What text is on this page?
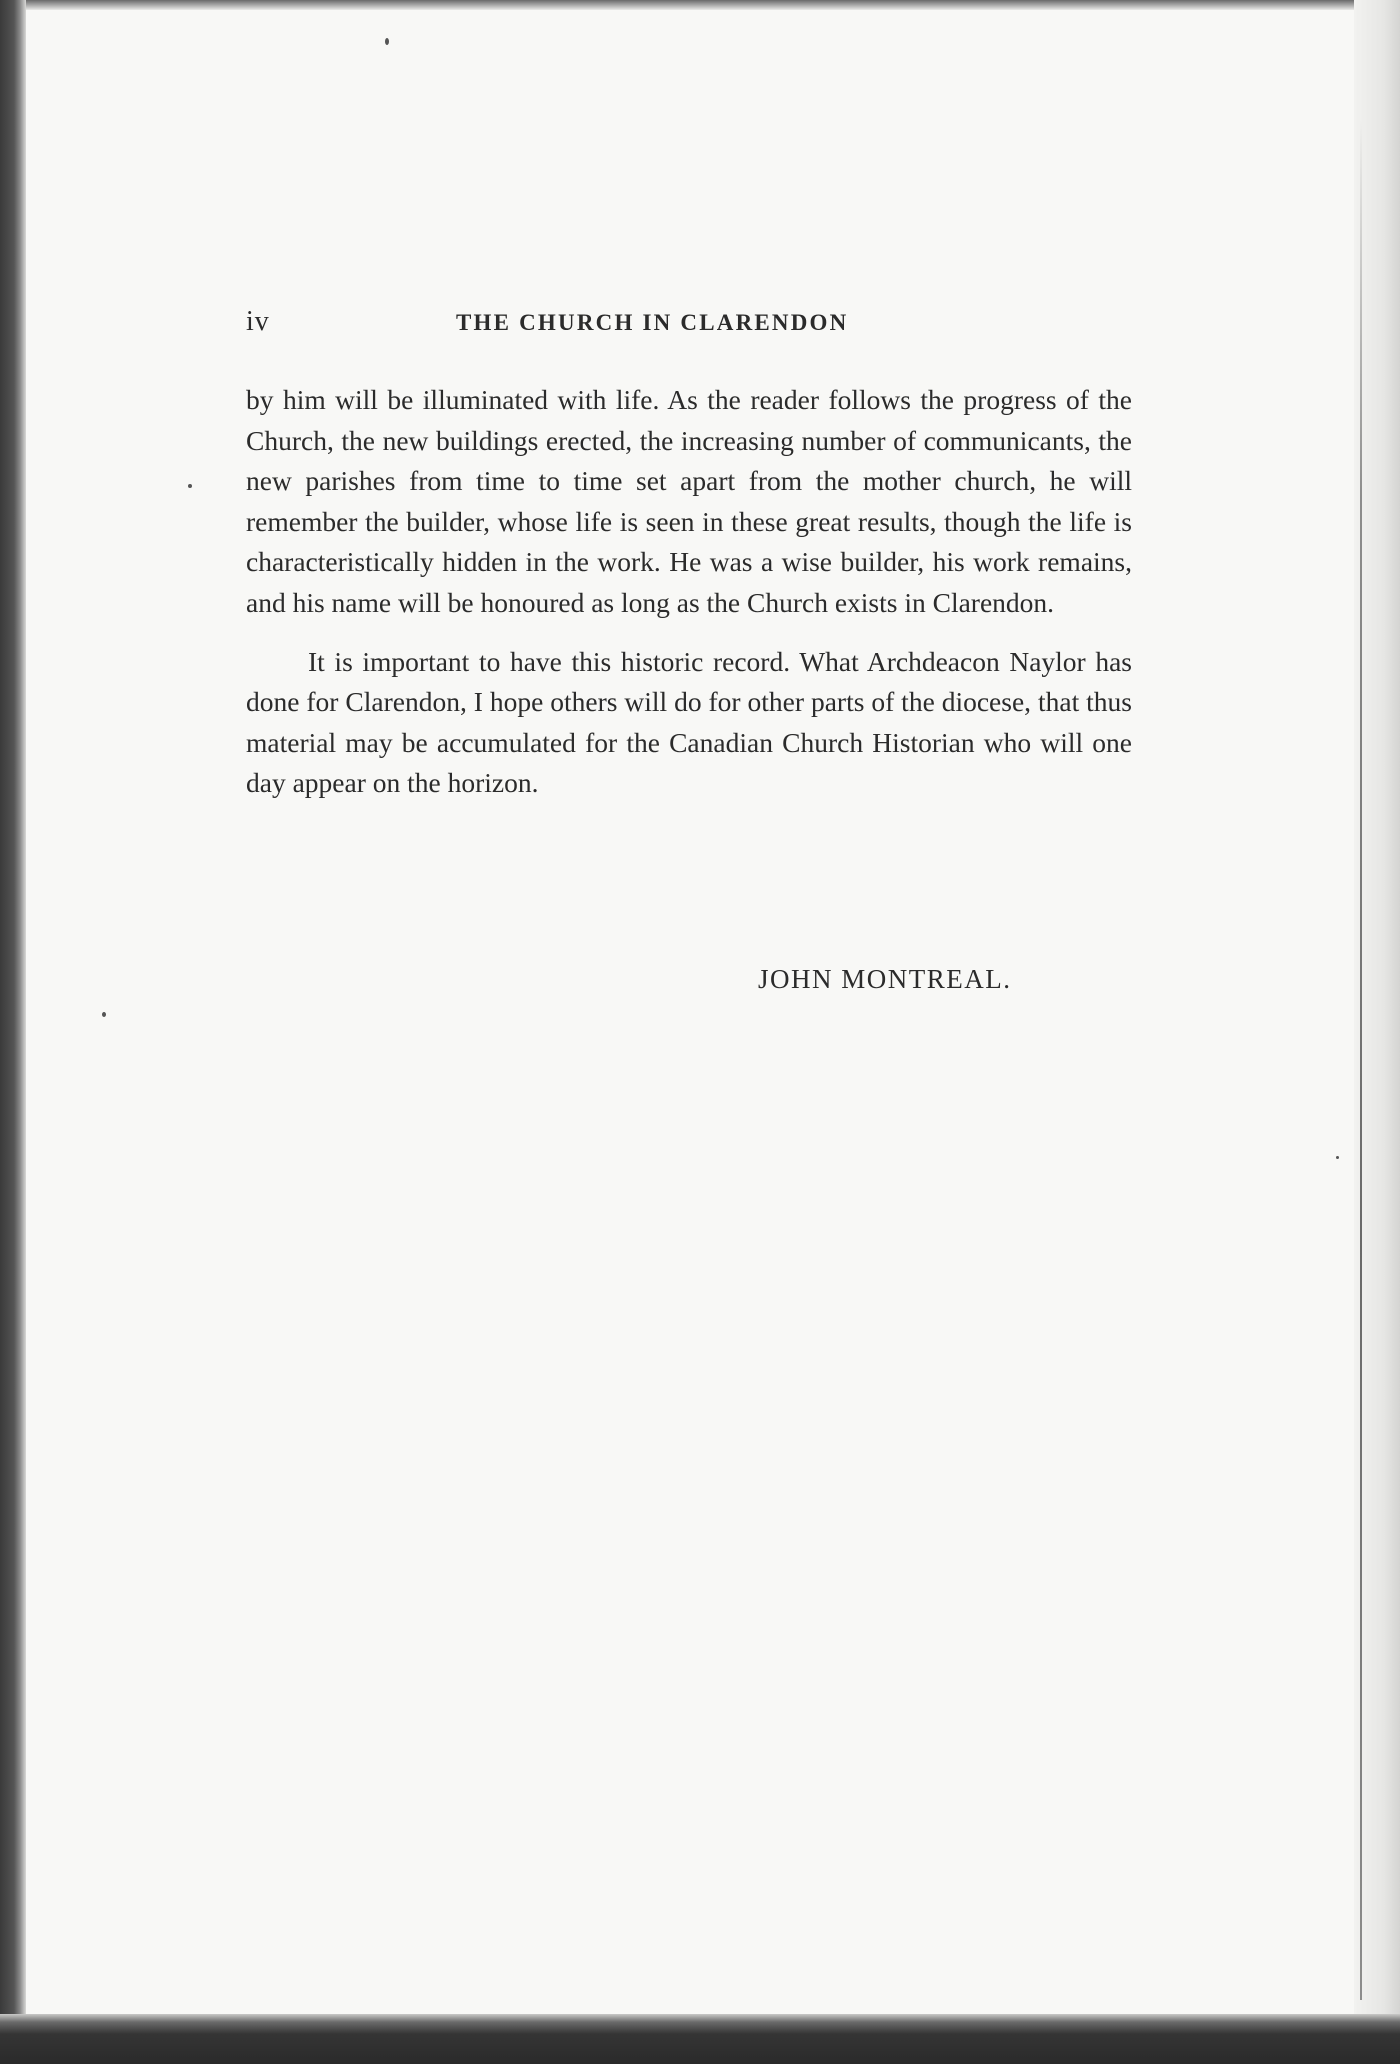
iv	THE CHURCH IN CLARENDON

by him will be illuminated with life. As the reader follows the progress of the Church, the new buildings erected, the increasing number of communicants, the new parishes from time to time set apart from the mother church, he will remember the builder, whose life is seen in these great results, though the life is characteristically hidden in the work. He was a wise builder, his work remains, and his name will be honoured as long as the Church exists in Clarendon.

It is important to have this historic record. What Archdeacon Naylor has done for Clarendon, I hope others will do for other parts of the diocese, that thus material may be accumulated for the Canadian Church Historian who will one day appear on the horizon.

JOHN MONTREAL.
